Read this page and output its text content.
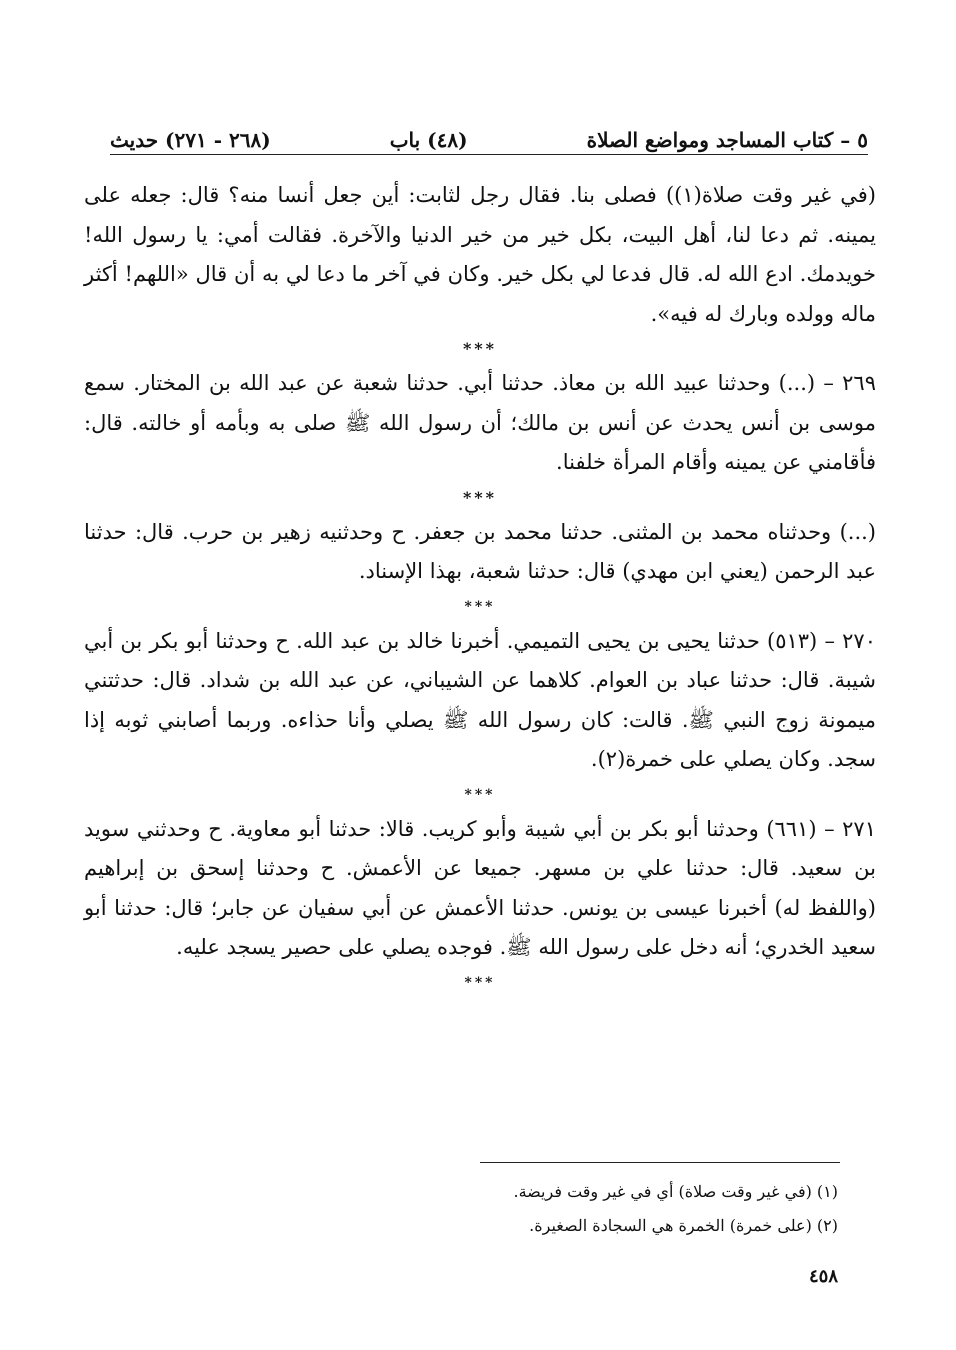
٥ – كتاب المساجد ومواضع الصلاة
(٤٨) باب
(٢٦٨ - ٢٧١) حديث

(في غير وقت صلاة(١)) فصلى بنا. فقال رجل لثابت: أين جعل أنسا منه؟ قال: جعله على يمينه. ثم دعا لنا، أهل البيت، بكل خير من خير الدنيا والآخرة. فقالت أمي: يا رسول الله! خويدمك. ادع الله له. قال فدعا لي بكل خير. وكان في آخر ما دعا لي به أن قال «اللهم! أكثر ماله وولده وبارك له فيه».

***

٢٦٩ – (...) وحدثنا عبيد الله بن معاذ. حدثنا أبي. حدثنا شعبة عن عبد الله بن المختار. سمع موسى بن أنس يحدث عن أنس بن مالك؛ أن رسول الله ﷺ صلى به وبأمه أو خالته. قال: فأقامني عن يمينه وأقام المرأة خلفنا.

***

(...) وحدثناه محمد بن المثنى. حدثنا محمد بن جعفر. ح وحدثنيه زهير بن حرب. قال: حدثنا عبد الرحمن (يعني ابن مهدي) قال: حدثنا شعبة، بهذا الإسناد.

***

٢٧٠ – (٥١٣) حدثنا يحيى بن يحيى التميمي. أخبرنا خالد بن عبد الله. ح وحدثنا أبو بكر بن أبي شيبة. قال: حدثنا عباد بن العوام. كلاهما عن الشيباني، عن عبد الله بن شداد. قال: حدثتني ميمونة زوج النبي ﷺ. قالت: كان رسول الله ﷺ يصلي وأنا حذاءه. وربما أصابني ثوبه إذا سجد. وكان يصلي على خمرة(٢).

***

٢٧١ – (٦٦١) وحدثنا أبو بكر بن أبي شيبة وأبو كريب. قالا: حدثنا أبو معاوية. ح وحدثني سويد بن سعيد. قال: حدثنا علي بن مسهر. جميعا عن الأعمش. ح وحدثنا إسحق بن إبراهيم (واللفظ له) أخبرنا عيسى بن يونس. حدثنا الأعمش عن أبي سفيان عن جابر؛ قال: حدثنا أبو سعيد الخدري؛ أنه دخل على رسول الله ﷺ. فوجده يصلي على حصير يسجد عليه.

***

(١) (في غير وقت صلاة) أي في غير وقت فريضة.

(٢) (على خمرة) الخمرة هي السجادة الصغيرة.

٤٥٨
